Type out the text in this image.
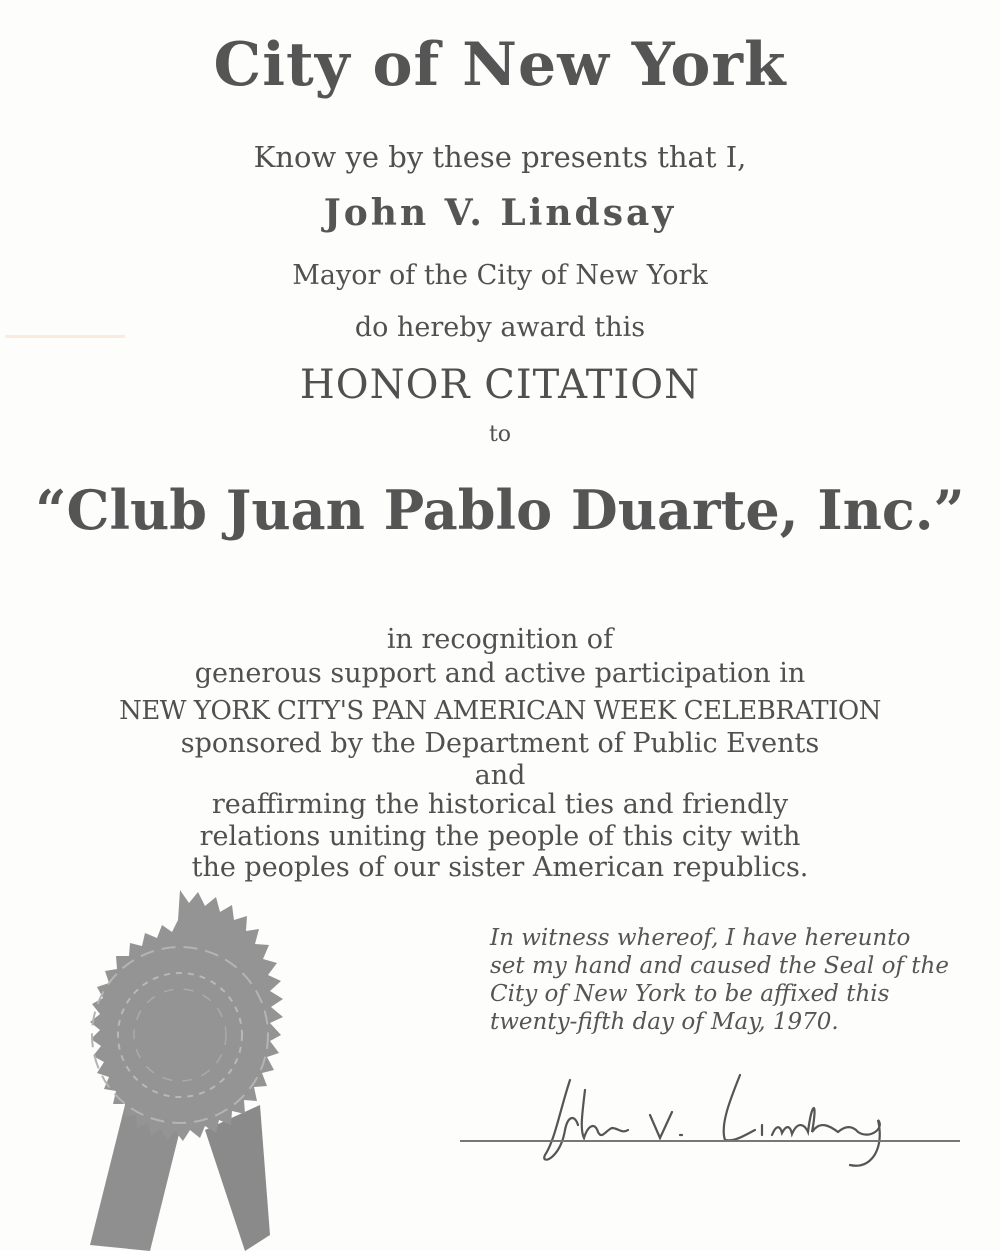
City of New York
Know ye by these presents that I,
John V. Lindsay
Mayor of the City of New York
do hereby award this
HONOR CITATION
to
“Club Juan Pablo Duarte, Inc.”
in recognition of
generous support and active participation in
NEW YORK CITY'S PAN AMERICAN WEEK CELEBRATION
sponsored by the Department of Public Events
and
reaffirming the historical ties and friendly
relations uniting the people of this city with
the peoples of our sister American republics.
In witness whereof, I have hereunto
set my hand and caused the Seal of the
City of New York to be affixed this
twenty-fifth day of May, 1970.
